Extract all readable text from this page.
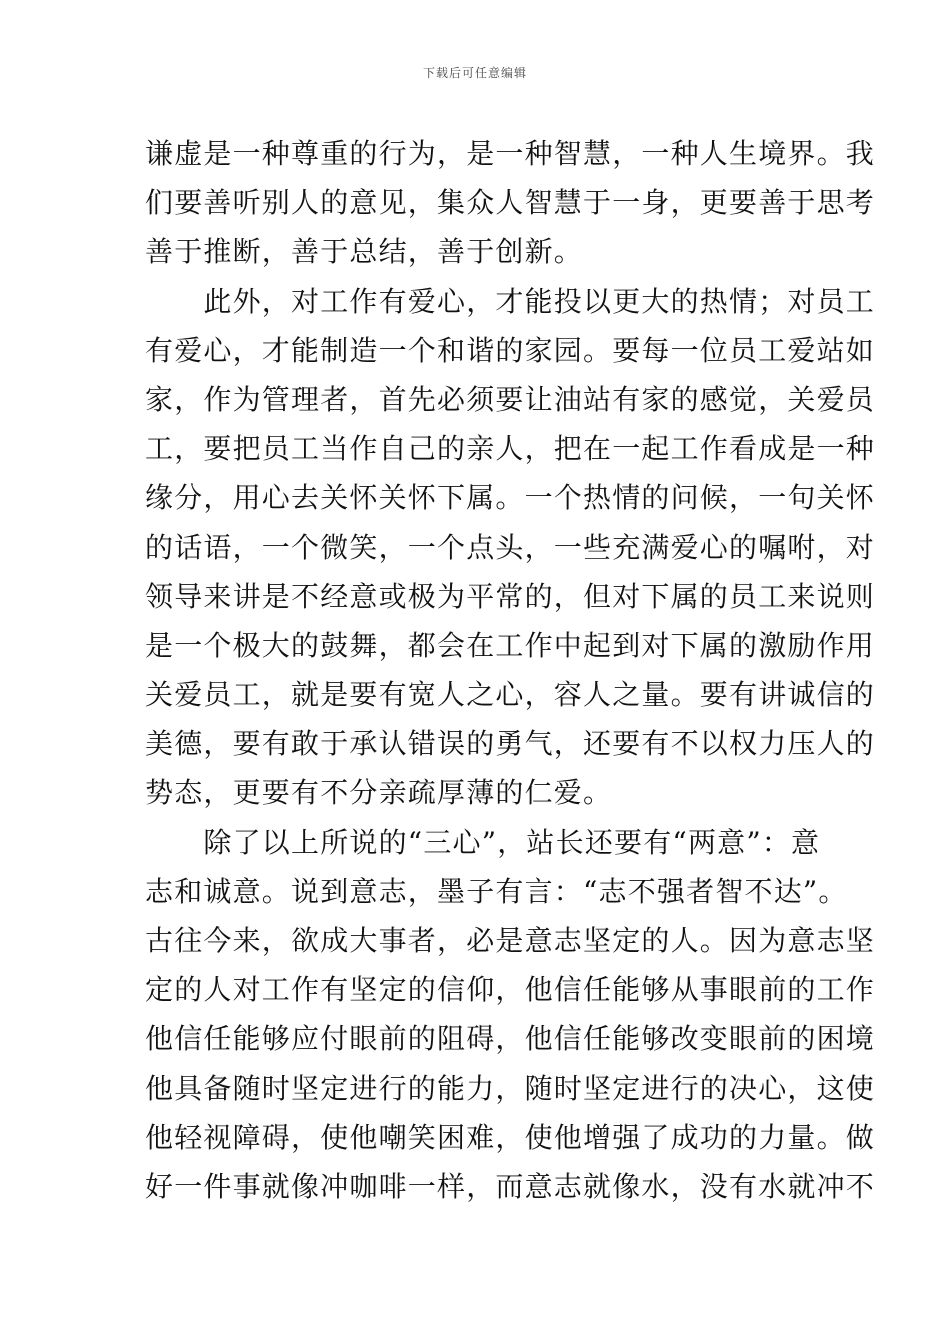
下载后可任意编辑
谦虚是一种尊重的行为，是一种智慧，一种人生境界。我
们要善听别人的意见，集众人智慧于一身，更要善于思考
善于推断，善于总结，善于创新。
　　此外，对工作有爱心，才能投以更大的热情；对员工
有爱心，才能制造一个和谐的家园。要每一位员工爱站如
家，作为管理者，首先必须要让油站有家的感觉，关爱员
工，要把员工当作自己的亲人，把在一起工作看成是一种
缘分，用心去关怀关怀下属。一个热情的问候，一句关怀
的话语，一个微笑，一个点头，一些充满爱心的嘱咐，对
领导来讲是不经意或极为平常的，但对下属的员工来说则
是一个极大的鼓舞，都会在工作中起到对下属的激励作用
关爱员工，就是要有宽人之心，容人之量。要有讲诚信的
美德，要有敢于承认错误的勇气，还要有不以权力压人的
势态，更要有不分亲疏厚薄的仁爱。
　　除了以上所说的“三心”，站长还要有“两意”：意
志和诚意。说到意志，墨子有言：“志不强者智不达”。
古往今来，欲成大事者，必是意志坚定的人。因为意志坚
定的人对工作有坚定的信仰，他信任能够从事眼前的工作
他信任能够应付眼前的阻碍，他信任能够改变眼前的困境
他具备随时坚定进行的能力，随时坚定进行的决心，这使
他轻视障碍，使他嘲笑困难，使他增强了成功的力量。做
好一件事就像冲咖啡一样，而意志就像水，没有水就冲不
